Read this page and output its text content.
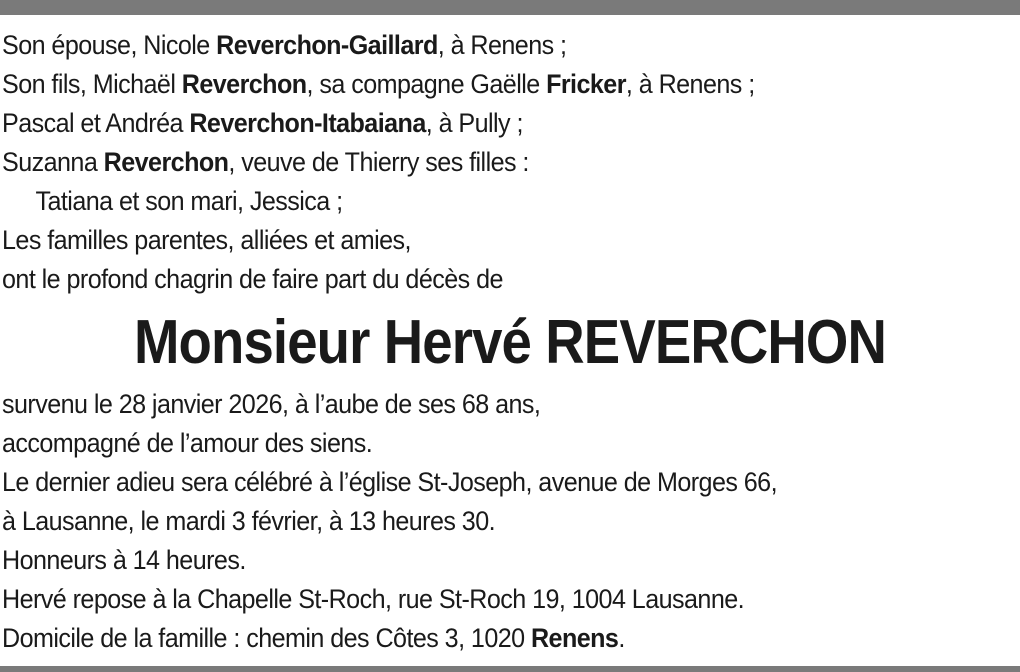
Son épouse, Nicole Reverchon-Gaillard, à Renens ;
Son fils, Michaël Reverchon, sa compagne Gaëlle Fricker, à Renens ;
Pascal et Andréa Reverchon-Itabaiana, à Pully ;
Suzanna Reverchon, veuve de Thierry ses filles :
Tatiana et son mari, Jessica ;
Les familles parentes, alliées et amies,
ont le profond chagrin de faire part du décès de
Monsieur Hervé REVERCHON
survenu le 28 janvier 2026, à l’aube de ses 68 ans,
accompagné de l’amour des siens.
Le dernier adieu sera célébré à l’église St-Joseph, avenue de Morges 66,
à Lausanne, le mardi 3 février, à 13 heures 30.
Honneurs à 14 heures.
Hervé repose à la Chapelle St-Roch, rue St-Roch 19, 1004 Lausanne.
Domicile de la famille : chemin des Côtes 3, 1020 Renens.
